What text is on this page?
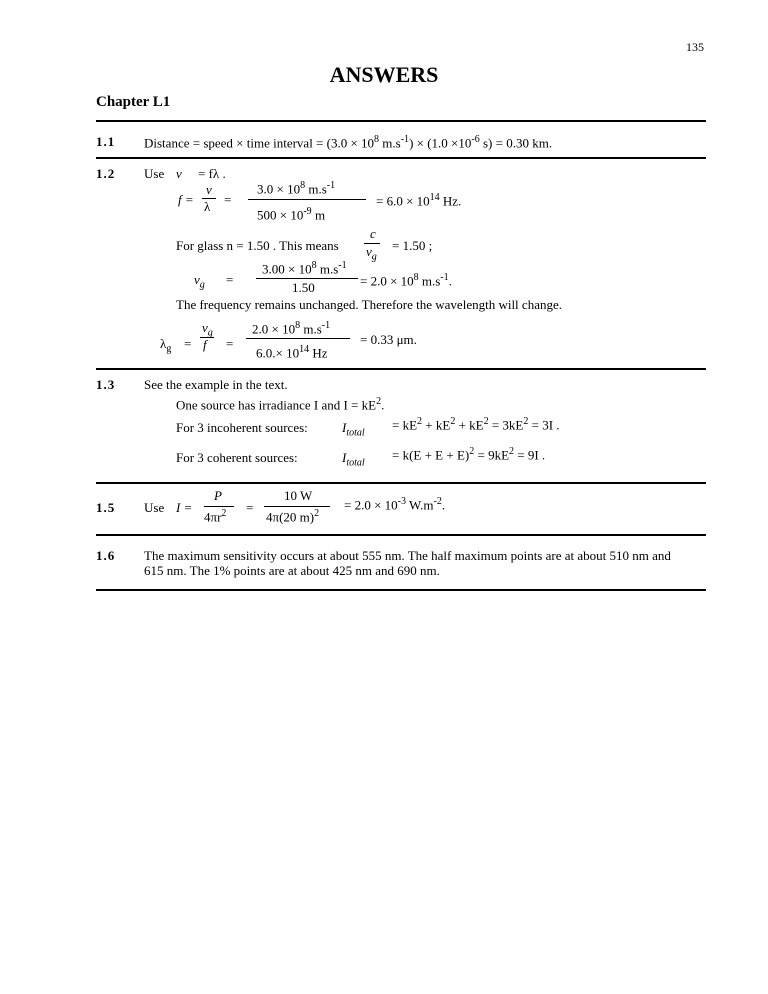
135
ANSWERS
Chapter L1
1.1 Distance = speed × time interval = ($3.0 \times 10^8$ $m.s^{-1}) \times (1.0 \times 10^{-6}$ s) = 0.30 km.
1.2 Use v = fλ .
f =
v
λ =
$3.0 \times 10^8$ $m.s^{-1}$
$500 \times 10^{-9}$ m
= $6.0 \times 10^{14}$ Hz.
For glass n = 1.50 . This means
c
$v_g$
= 1.50 ;
$v_g$ =
$3.00 \times 10^8$ $m.s^{-1}$
1.50	= $2.0 \times 10^8$ $m.s^{-1}$.
The frequency remains unchanged. Therefore the wavelength will change.
$\lambda_g$ =
$v_g$
f =
$2.0 \times 10^8$ $m.s^{-1}$
$6.0.\times 10^{14}$ Hz
= 0.33 μm.
1.3 See the example in the text.
One source has irradiance I and $I = kE^2$.
For 3 incoherent sources:	$I_{total}$
= $kE^2 + kE^2 + kE^2 = 3kE^2 = 3I$ .
For 3 coherent sources:	$I_{total}$
= $k(E + E + E)^2 = 9kE^2 = 9I$ .
1.5 Use I =
P
$4\pi r^2$ =
10 W
4π(20 m)$^2$
= $2.0 \times 10^{-3}$ $W.m^{-2}$.
1.6 The maximum sensitivity occurs at about 555 nm. The half maximum points are at about 510 nm and
615 nm. The 1% points are at about 425 nm and 690 nm.
